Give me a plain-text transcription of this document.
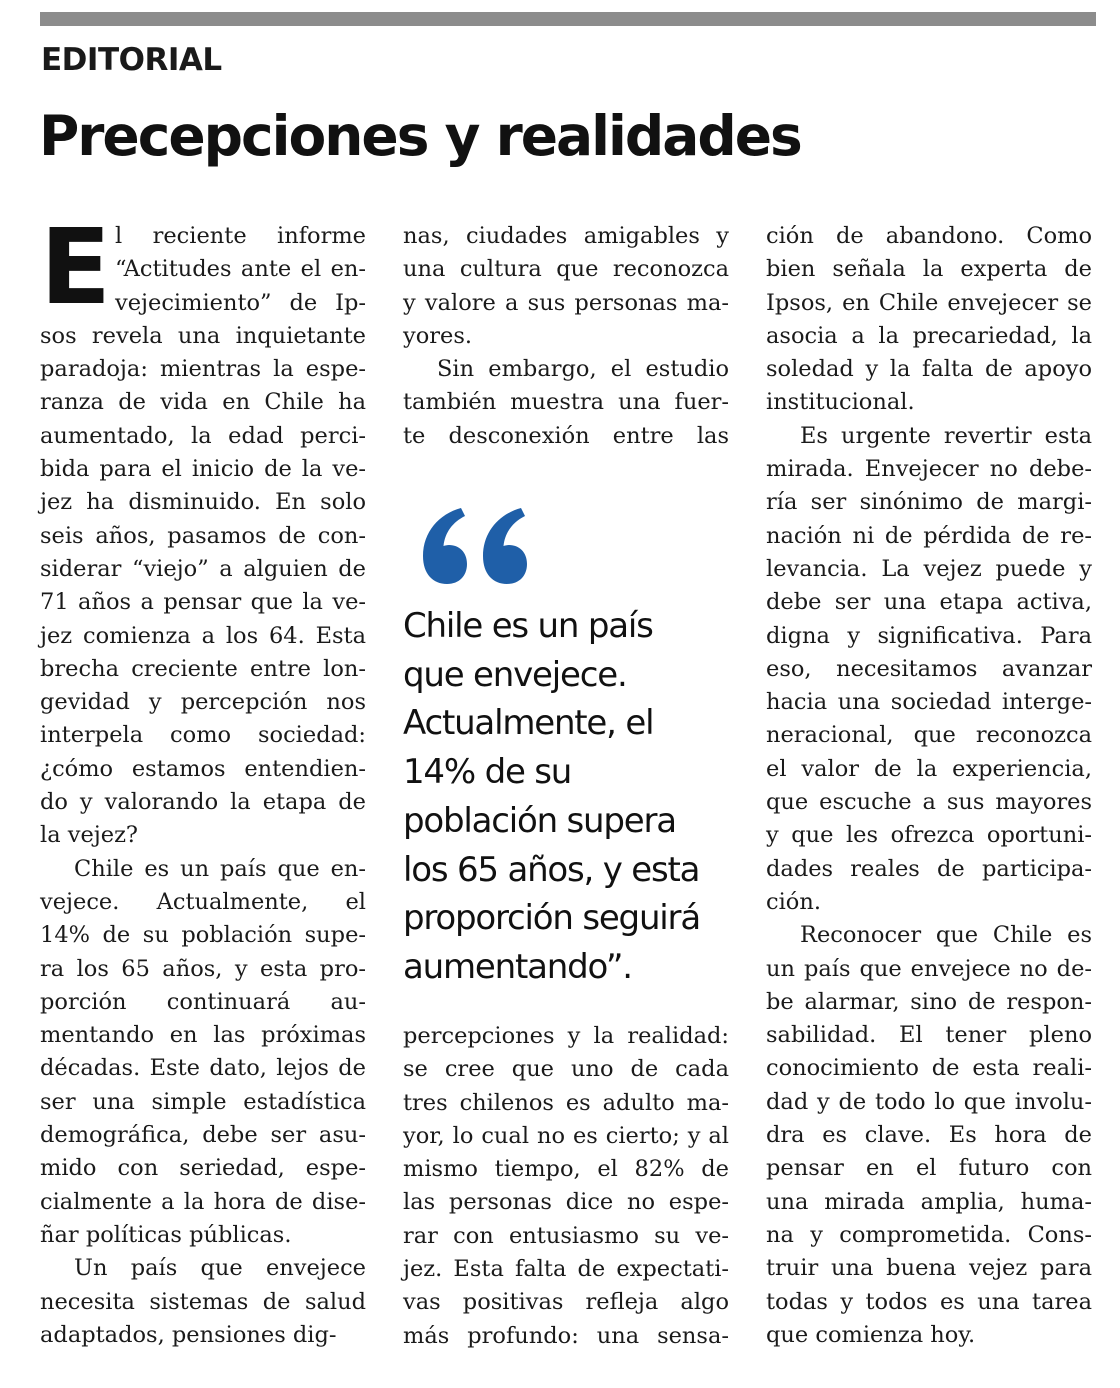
EDITORIAL
Precepciones y realidades
E l reciente informe
“Actitudes ante el en-
vejecimiento” de Ip-
sos revela una inquietante
paradoja: mientras la espe-
ranza de vida en Chile ha
aumentado, la edad perci-
bida para el inicio de la ve-
jez ha disminuido. En solo
seis años, pasamos de con-
siderar “viejo” a alguien de
71 años a pensar que la ve-
jez comienza a los 64. Esta
brecha creciente entre lon-
gevidad y percepción nos
interpela como sociedad:
¿cómo estamos entendien-
do y valorando la etapa de
la vejez?
Chile es un país que en-
vejece. Actualmente, el
14% de su población supe-
ra los 65 años, y esta pro-
porción continuará au-
mentando en las próximas
décadas. Este dato, lejos de
ser una simple estadística
demográfica, debe ser asu-
mido con seriedad, espe-
cialmente a la hora de dise-
ñar políticas públicas.
Un país que envejece
necesita sistemas de salud
adaptados, pensiones dig-
nas, ciudades amigables y
una cultura que reconozca
y valore a sus personas ma-
yores.
Sin embargo, el estudio
también muestra una fuer-
te desconexión entre las

Chile es un país
que envejece.
Actualmente, el
14% de su
población supera
los 65 años, y esta
proporción seguirá
aumentando”.

percepciones y la realidad:
se cree que uno de cada
tres chilenos es adulto ma-
yor, lo cual no es cierto; y al
mismo tiempo, el 82% de
las personas dice no espe-
rar con entusiasmo su ve-
jez. Esta falta de expectati-
vas positivas refleja algo
más profundo: una sensa-
ción de abandono. Como
bien señala la experta de
Ipsos, en Chile envejecer se
asocia a la precariedad, la
soledad y la falta de apoyo
institucional.
Es urgente revertir esta
mirada. Envejecer no debe-
ría ser sinónimo de margi-
nación ni de pérdida de re-
levancia. La vejez puede y
debe ser una etapa activa,
digna y significativa. Para
eso, necesitamos avanzar
hacia una sociedad interge-
neracional, que reconozca
el valor de la experiencia,
que escuche a sus mayores
y que les ofrezca oportuni-
dades reales de participa-
ción.
Reconocer que Chile es
un país que envejece no de-
be alarmar, sino de respon-
sabilidad. El tener pleno
conocimiento de esta reali-
dad y de todo lo que involu-
dra es clave. Es hora de
pensar en el futuro con
una mirada amplia, huma-
na y comprometida. Cons-
truir una buena vejez para
todas y todos es una tarea
que comienza hoy.
